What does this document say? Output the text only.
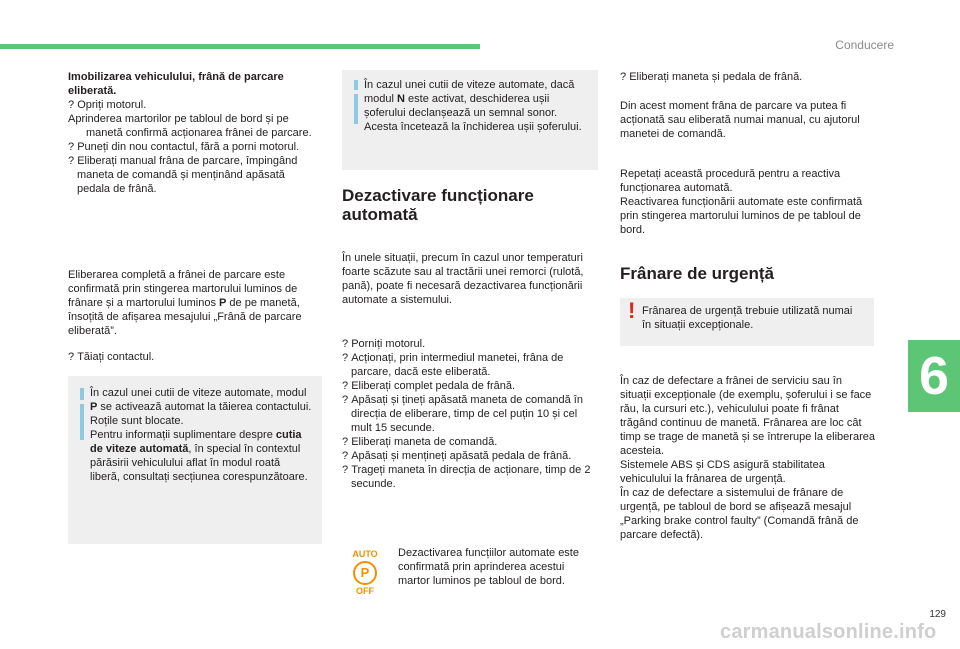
Conducere
6

Imobilizarea vehiculului, frână de parcare eliberată.

? Opriți motorul.

Aprinderea martorilor pe tabloul de bord și pe manetă confirmă acționarea frânei de parcare.

? Puneți din nou contactul, fără a porni motorul.

? Eliberați manual frâna de parcare, împingând maneta de comandă și menținând apăsată pedala de frână.

Eliberarea completă a frânei de parcare este confirmată prin stingerea martorului luminos de frânare și a martorului luminos P de pe manetă, însoțită de afișarea mesajului „Frână de parcare eliberată”.

? Tăiați contactul.

În cazul unei cutii de viteze automate, modul P se activează automat la tăierea contactului. Roțile sunt blocate.
Pentru informații suplimentare despre cutia de viteze automată, în special în contextul părăsirii vehiculului aflat în modul roată liberă, consultați secțiunea corespunzătoare.

În cazul unei cutii de viteze automate, dacă modul N este activat, deschiderea ușii șoferului declanșează un semnal sonor. Acesta încetează la închiderea ușii șoferului.

Dezactivare funcționare
automată
În unele situații, precum în cazul unor temperaturi foarte scăzute sau al tractării unei remorci (rulotă, pană), poate fi necesară dezactivarea funcționării automate a sistemului.

? Porniți motorul.

? Acționați, prin intermediul manetei, frâna de parcare, dacă este eliberată.

? Eliberați complet pedala de frână.

? Apăsați și țineți apăsată maneta de comandă în direcția de eliberare, timp de cel puțin 10 și cel mult 15 secunde.

? Eliberați maneta de comandă.

? Apăsați și mențineți apăsată pedala de frână.

? Trageți maneta în direcția de acționare, timp de 2 secunde.

AUTO
P
OFF
Dezactivarea funcțiilor automate este confirmată prin aprinderea acestui martor luminos pe tabloul de bord.

? Eliberați maneta și pedala de frână.

Din acest moment frâna de parcare va putea fi acționată sau eliberată numai manual, cu ajutorul manetei de comandă.

Repetați această procedură pentru a reactiva funcționarea automată.

Reactivarea funcționării automate este confirmată prin stingerea martorului luminos de pe tabloul de bord.

Frânare de urgență
! Frânarea de urgență trebuie utilizată numai în situații excepționale.

În caz de defectare a frânei de serviciu sau în situații excepționale (de exemplu, șoferului i se face rău, la cursuri etc.), vehiculului poate fi frânat trăgând continuu de manetă. Frânarea are loc cât timp se trage de manetă și se întrerupe la eliberarea acesteia.

Sistemele ABS și CDS asigură stabilitatea vehiculului la frânarea de urgență.

În caz de defectare a sistemului de frânare de urgență, pe tabloul de bord se afișează mesajul „Parking brake control faulty” (Comandă frână de parcare defectă).

129
carmanualsonline.info
